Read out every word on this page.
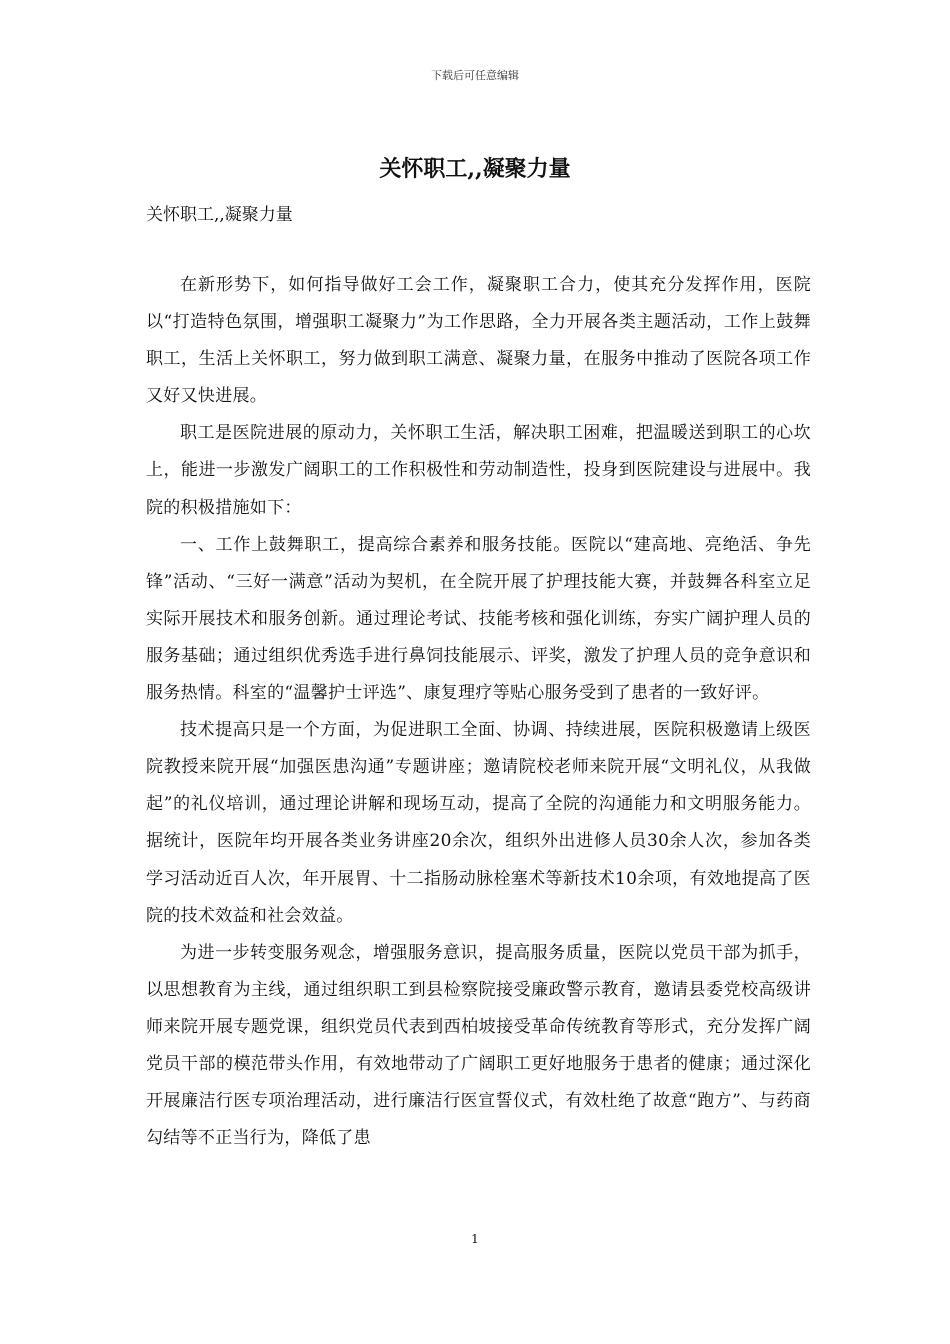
下载后可任意编辑
关怀职工,,凝聚力量

关怀职工,,凝聚力量

在新形势下，如何指导做好工会工作，凝聚职工合力，使其充分发挥作用，医院以“打造特色氛围，增强职工凝聚力”为工作思路，全力开展各类主题活动，工作上鼓舞职工，生活上关怀职工，努力做到职工满意、凝聚力量，在服务中推动了医院各项工作又好又快进展。

职工是医院进展的原动力，关怀职工生活，解决职工困难，把温暖送到职工的心坎上，能进一步激发广阔职工的工作积极性和劳动制造性，投身到医院建设与进展中。我院的积极措施如下：

一、工作上鼓舞职工，提高综合素养和服务技能。医院以“建高地、亮绝活、争先锋”活动、“三好一满意”活动为契机，在全院开展了护理技能大赛，并鼓舞各科室立足实际开展技术和服务创新。通过理论考试、技能考核和强化训练，夯实广阔护理人员的服务基础；通过组织优秀选手进行鼻饲技能展示、评奖，激发了护理人员的竞争意识和服务热情。科室的“温馨护士评选”、康复理疗等贴心服务受到了患者的一致好评。

技术提高只是一个方面，为促进职工全面、协调、持续进展，医院积极邀请上级医院教授来院开展“加强医患沟通”专题讲座；邀请院校老师来院开展“文明礼仪，从我做起”的礼仪培训，通过理论讲解和现场互动，提高了全院的沟通能力和文明服务能力。据统计，医院年均开展各类业务讲座20余次，组织外出进修人员30余人次，参加各类学习活动近百人次，年开展胃、十二指肠动脉栓塞术等新技术10余项，有效地提高了医院的技术效益和社会效益。

为进一步转变服务观念，增强服务意识，提高服务质量，医院以党员干部为抓手，以思想教育为主线，通过组织职工到县检察院接受廉政警示教育，邀请县委党校高级讲师来院开展专题党课，组织党员代表到西柏坡接受革命传统教育等形式，充分发挥广阔党员干部的模范带头作用，有效地带动了广阔职工更好地服务于患者的健康；通过深化开展廉洁行医专项治理活动，进行廉洁行医宣誓仪式，有效杜绝了故意“跑方”、与药商勾结等不正当行为，降低了患

1
